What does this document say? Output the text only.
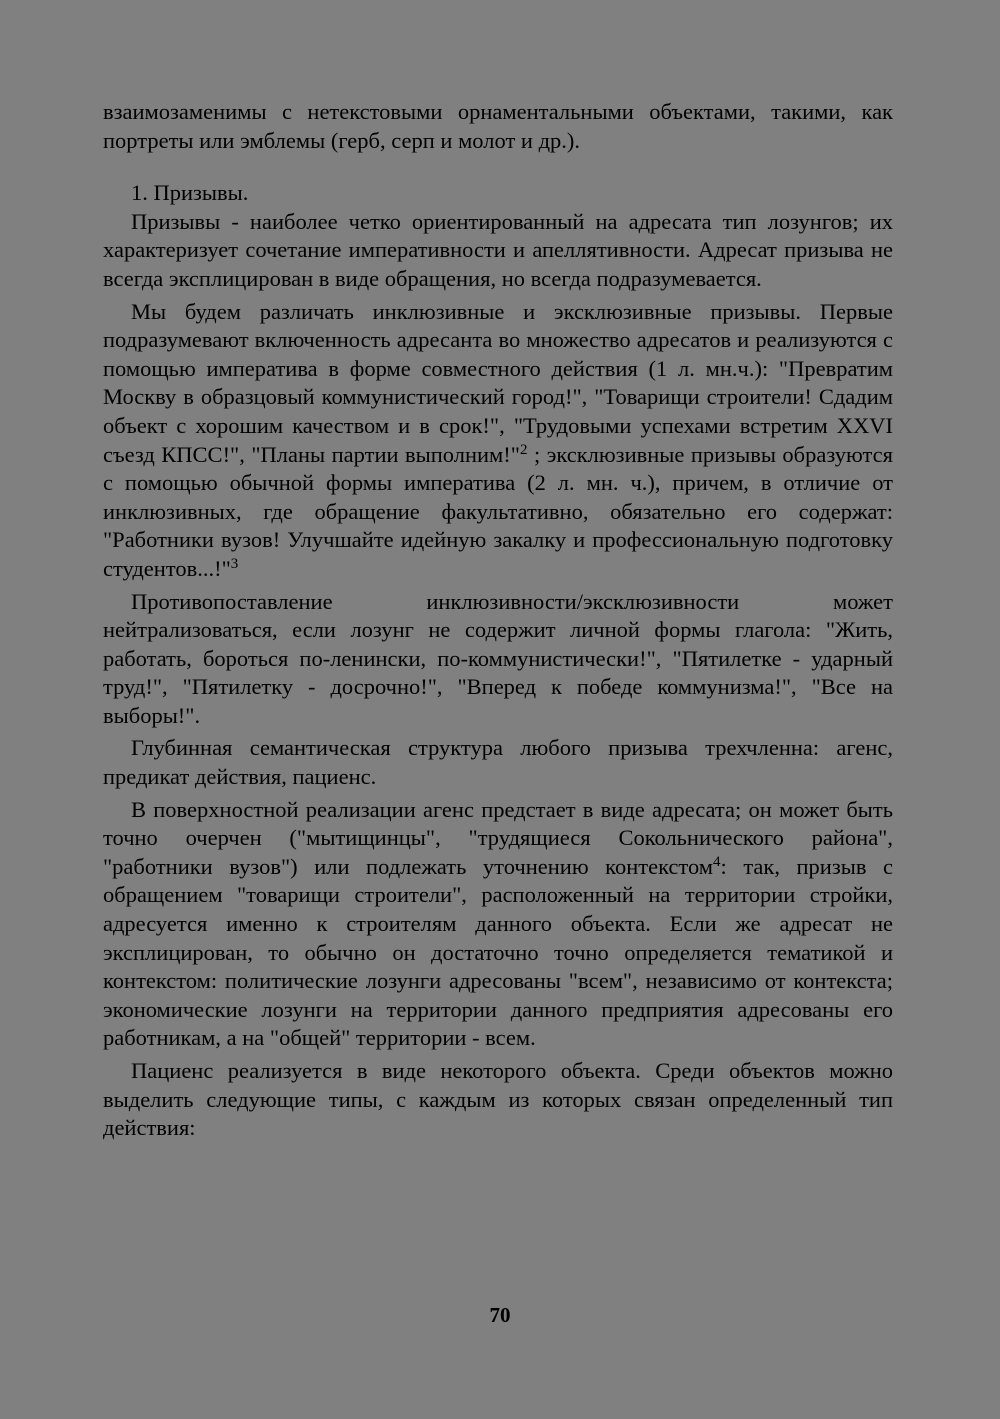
взаимозаменимы с нетекстовыми орнаментальными объектами, такими, как портреты или эмблемы (герб, серп и молот и др.).

1. Призывы.

Призывы - наиболее четко ориентированный на адресата тип лозунгов; их характеризует сочетание императивности и апеллятивности. Адресат призыва не всегда эксплицирован в виде обращения, но всегда подразумевается.

Мы будем различать инклюзивные и эксклюзивные призывы. Первые подразумевают включенность адресанта во множество адресатов и реализуются с помощью императива в форме совместного действия (1 л. мн.ч.): "Превратим Москву в образцовый коммунистический город!", "Товарищи строители! Сдадим объект с хорошим качеством и в срок!", "Трудовыми успехами встретим XXVI съезд КПСС!", "Планы партии выполним!"$^2$ ; эксклюзивные призывы образуются с помощью обычной формы императива (2 л. мн. ч.), причем, в отличие от инклюзивных, где обращение факультативно, обязательно его содержат: "Работники вузов! Улучшайте идейную закалку и профессиональную подготовку студентов...!"$^3$

Противопоставление инклюзивности/эксклюзивности может нейтрализоваться, если лозунг не содержит личной формы глагола: "Жить, работать, бороться по-ленински, по-коммунистически!", "Пятилетке - ударный труд!", "Пятилетку - досрочно!", "Вперед к победе коммунизма!", "Все на выборы!".

Глубинная семантическая структура любого призыва трехчленна: агенс, предикат действия, пациенс.

В поверхностной реализации агенс предстает в виде адресата; он может быть точно очерчен ("мытищинцы", "трудящиеся Сокольнического района", "работники вузов") или подлежать уточнению контекстом$^4$: так, призыв с обращением "товарищи строители", расположенный на территории стройки, адресуется именно к строителям данного объекта. Если же адресат не эксплицирован, то обычно он достаточно точно определяется тематикой и контекстом: политические лозунги адресованы "всем", независимо от контекста; экономические лозунги на территории данного предприятия адресованы его работникам, а на "общей" территории - всем.

Пациенс реализуется в виде некоторого объекта. Среди объектов можно выделить следующие типы, с каждым из которых связан определенный тип действия:

70
